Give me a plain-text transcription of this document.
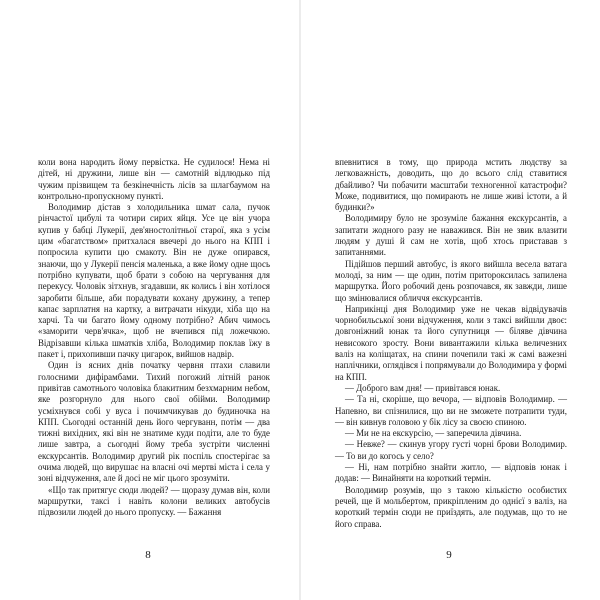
коли вона народить йому первістка. Не судилося! Нема ні дітей, ні дружини, лише він — самотній відлюдько під чужим прізвищем та безкінечність лісів за шлагбаумом на контрольно-пропускному пункті.

Володимир дістав з холодильника шмат сала, пучок рінчастої цибулі та чотири сирих яйця. Усе це він учора купив у бабці Лукерії, дев'яностолітньої старої, яка з усім цим «багатством» притхалася ввечері до нього на КПП і попросила купити цю смакоту. Він не дуже опирався, знаючи, що у Лукерії пенсія маленька, а вже йому одне щось потрібно купувати, щоб брати з собою на чергування для перекусу. Чоловік зітхнув, згадавши, як колись і він хотілося заробити більше, аби порадувати кохану дружину, а тепер капає зарплатня на картку, а витрачати нікуди, хіба що на харчі. Та чи багато йому одному потрібно? Абич чимось «заморити черв'ячка», щоб не вчепився під ложечкою. Відрізавши кілька шматків хліба, Володимир поклав їжу в пакет і, прихопивши пачку цигарок, вийшов надвір.

Один із ясних днів початку червня птахи славили голосними дифірамбами. Тихий погожий літній ранок привітав самотнього чоловіка блакитним безхмарним небом, яке розгорнуло для нього свої обійми. Володимир усміхнувся собі у вуса і почимчикував до будиночка на КПП. Сьогодні останній день його чергуванн, потім — два тижні вихідних, які він не знатиме куди подіти, але то буде лише завтра, а сьогодні йому треба зустріти численні екскурсантів. Володимир другий рік поспіль спостерігає за очима людей, що вирушає на власні очі мертві міста і села у зоні відчуження, але й досі не міг цього зрозуміти.

«Що так притягує сюди людей? — щоразу думав він, коли маршрутки, таксі і навіть колони великих автобусів підвозили людей до нього пропуску. — Бажання

8

впевнитися в тому, що природа мстить людству за легковажність, доводить, що до всього слід ставитися дбайливо? Чи побачити масштаби техногенної катастрофи? Може, подивитися, що помирають не лише живі істоти, а й будинки?»

Володимиру було не зрозуміле бажання екскурсантів, а запитати жодного разу не наважився. Він не звик влазити людям у душі й сам не хотів, щоб хтось приставав з запитаннями.

Підійшов перший автобус, із якого вийшла весела ватага молоді, за ним — ще один, потім притороксилась запилена маршрутка. Його робочий день розпочався, як завжди, лише що змінювалися обличчя екскурсантів.

Наприкінці дня Володимир уже не чекав відвідувачів чорнобильської зони відчуження, коли з таксі вийшли двоє: довгоніжний юнак та його супутниця — біляве дівчина невисокого зросту. Вони вивантажили кілька величезних валіз на коліщатах, на спини почепили такі ж самі важезні наплічники, оглядівся і попрямували до Володимира у формі на КПП.

— Доброго вам дня! — привітався юнак.

— Та ні, скоріше, що вечора, — відповів Володимир. — Напевно, ви спізнилися, що ви не зможете потрапити туди, — він кивнув головою у бік лісу за своєю спиною.

— Ми не на екскурсію, — заперечила дівчина.

— Невже? — скинув угору густі чорні брови Володимир. — То ви до когось у село?

— Ні, нам потрібно знайти житло, — відповів юнак і додав: — Винайняти на короткий термін.

Володимир розумів, що з такою кількістю особистих речей, ще й мольбертом, прикріпленим до однієї з валіз, на короткий термін сюди не приїздять, але подумав, що то не його справа.

9
